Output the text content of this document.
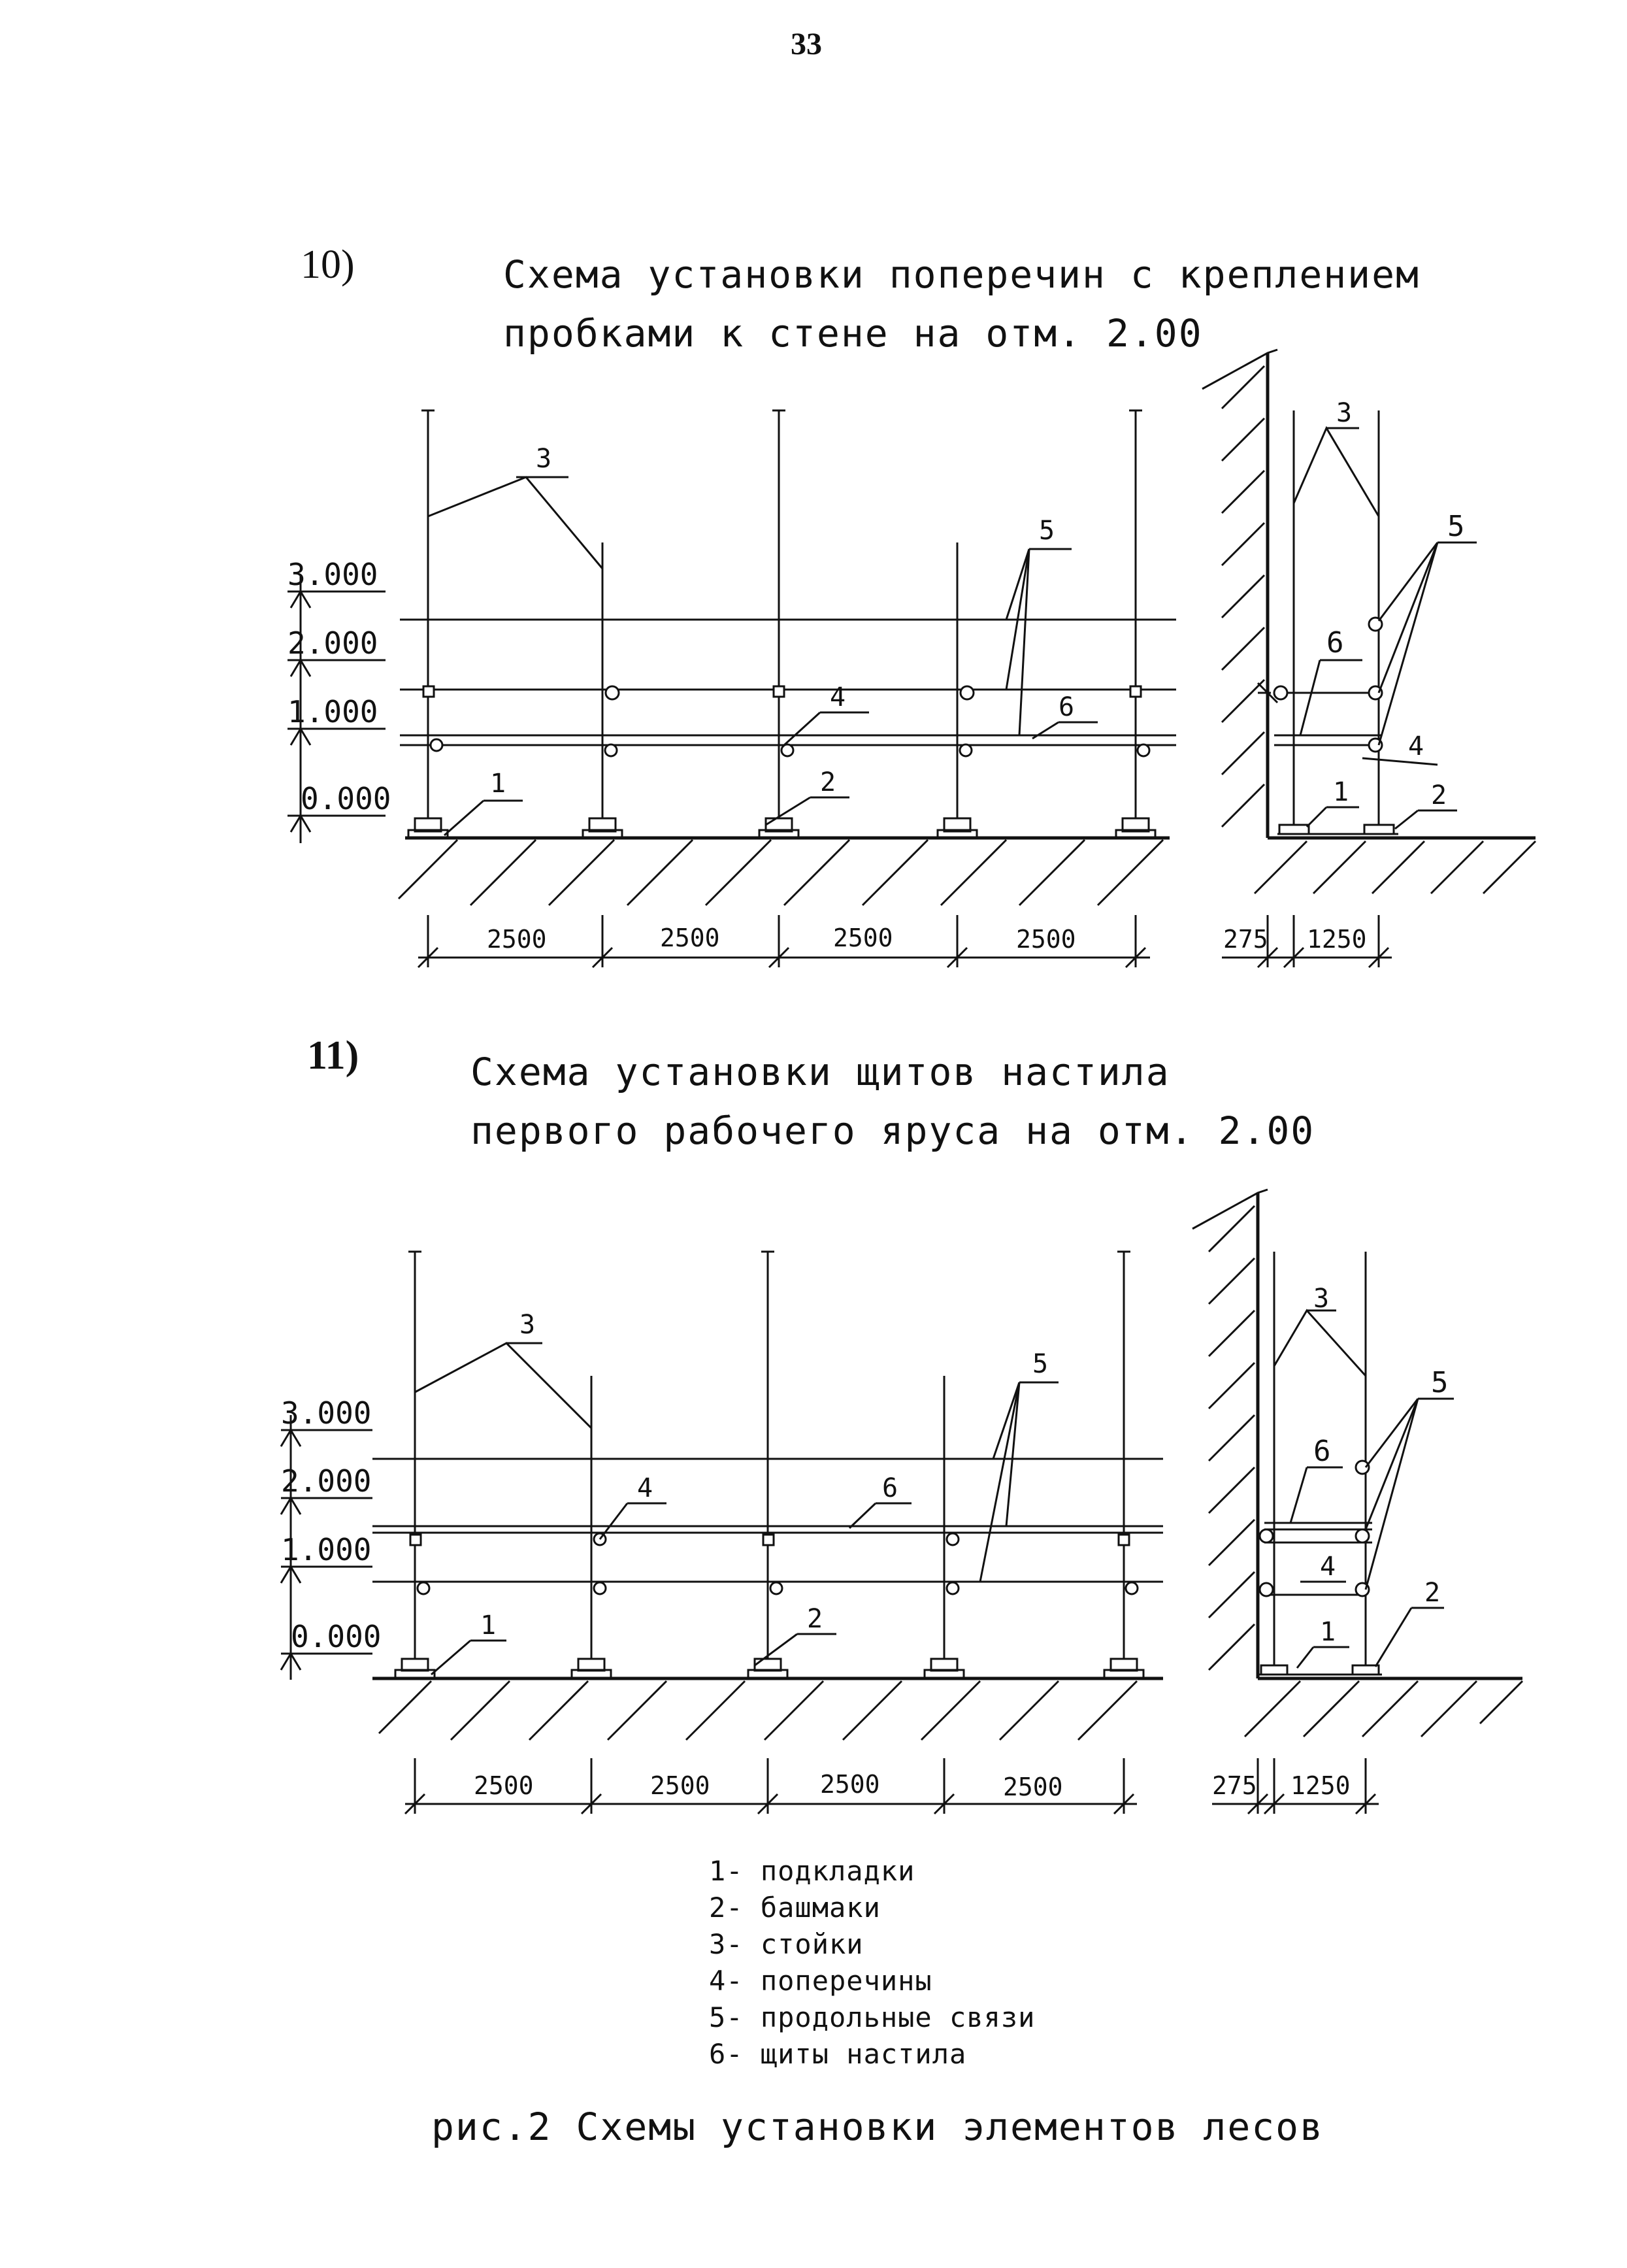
33
10)	Схема установки поперечин с креплением
пробками к стене на отм. 2.00
11)	Схема установки щитов настила
первого рабочего яруса на отм. 2.00
3.000
2.000
1.000
0.000
3
5
4	6
2
1
2500	2500	2500	2500
3
5
6
4
1	2
275 1250
3.000
2.000
1.000
0.000
3
5
4	6
2
1
2500	2500	2500	2500
3
5
6
4
1
2
275 1250
1- подкладки
2- башмаки
3- стойки
4- поперечины
5- продольные связи
6- щиты настила
рис.2 Схемы установки элементов лесов
